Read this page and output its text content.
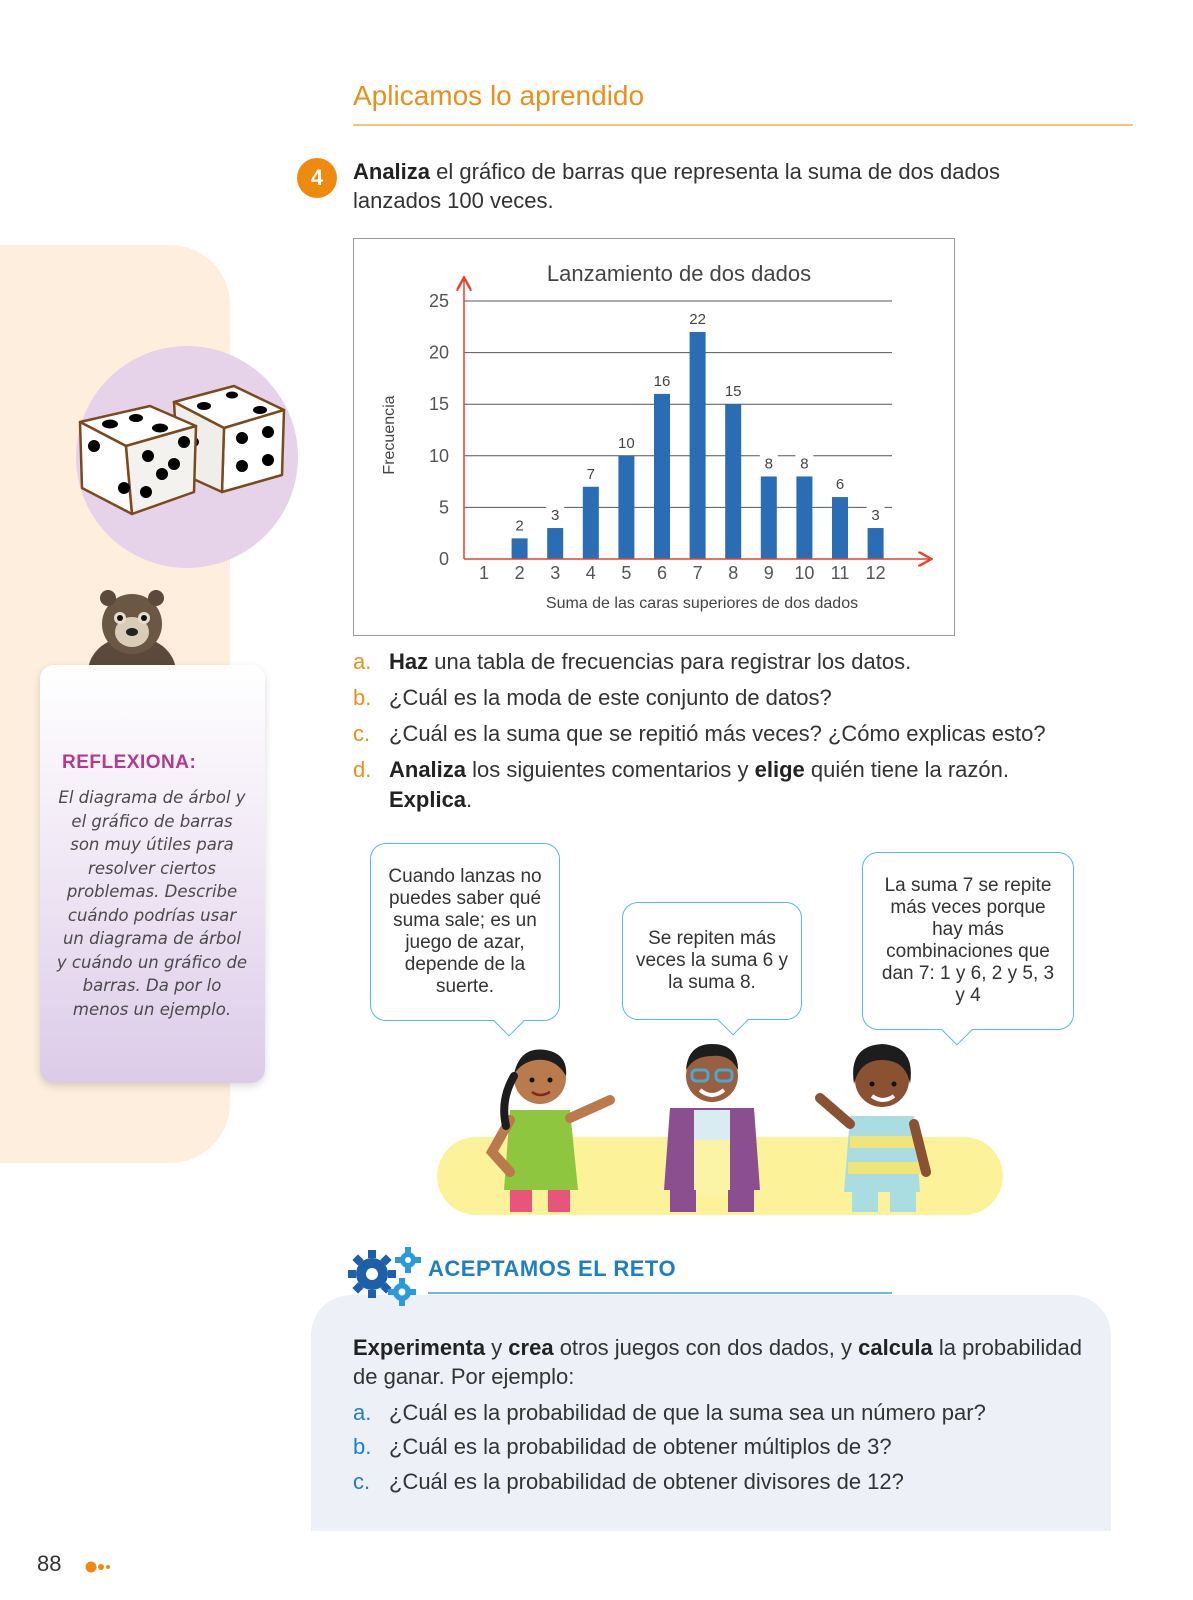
REFLEXIONA:
El diagrama de árbol y el gráfico de barras son muy útiles para resolver ciertos problemas. Describe cuándo podrías usar un diagrama de árbol y cuándo un gráfico de barras. Da por lo menos un ejemplo.
Aplicamos lo aprendido
4	Analiza el gráfico de barras que representa la suma de dos dados lanzados 100 veces.
Lanzamiento de dos dados
Frecuencia
Suma de las caras superiores de dos dados
2
3
7
10
16
22
15
8 8
6
3
0
5
10
15
20
25
1 2 3 4 5 6 7 8 9 10 11 12
a. Haz una tabla de frecuencias para registrar los datos.
b. ¿Cuál es la moda de este conjunto de datos?
c. ¿Cuál es la suma que se repitió más veces? ¿Cómo explicas esto?
d. Analiza los siguientes comentarios y elige quién tiene la razón.
Explica.
Cuando lanzas no puedes saber qué suma sale; es un juego de azar, depende de la suerte.
Se repiten más veces la suma 6 y la suma 8.
La suma 7 se repite más veces porque hay más combinaciones que dan 7: 1 y 6, 2 y 5, 3 y 4
ACEPTAMOS EL RETO
Experimenta y crea otros juegos con dos dados, y calcula la probabilidad de ganar. Por ejemplo:
a. ¿Cuál es la probabilidad de que la suma sea un número par?
b. ¿Cuál es la probabilidad de obtener múltiplos de 3?
c. ¿Cuál es la probabilidad de obtener divisores de 12?
88
